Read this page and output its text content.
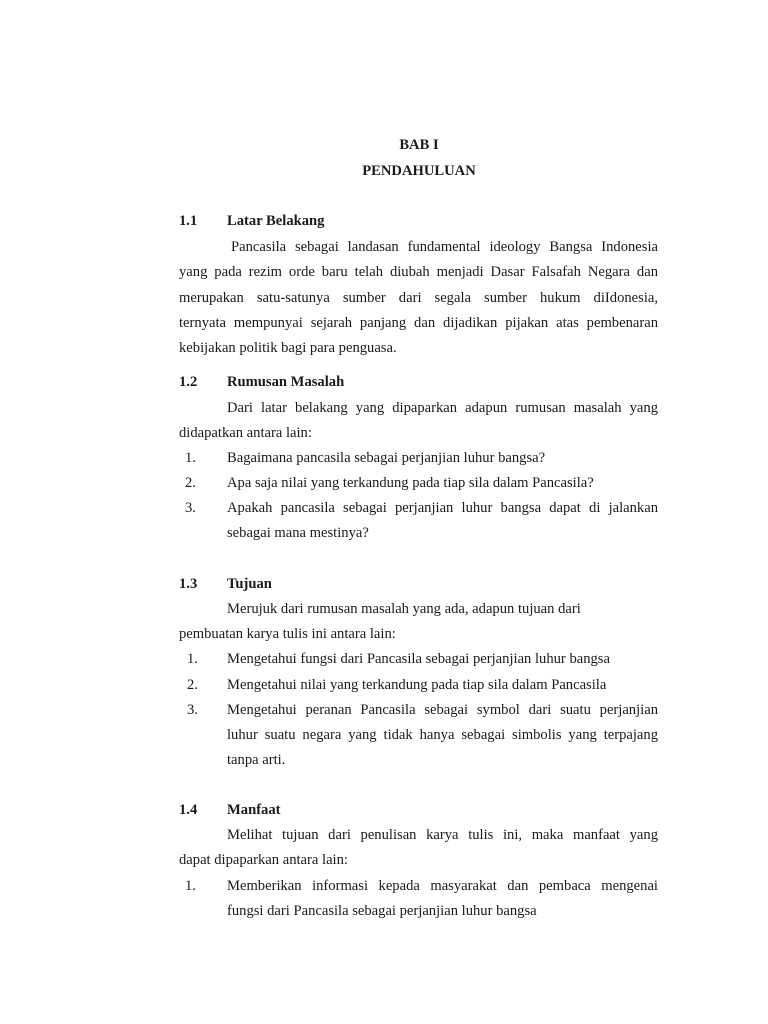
BAB I
PENDAHULUAN
1.1 Latar Belakang
Pancasila sebagai landasan fundamental ideology Bangsa Indonesia
yang pada rezim orde baru telah diubah menjadi Dasar Falsafah Negara dan
merupakan satu-satunya sumber dari segala sumber hukum diIdonesia,
ternyata mempunyai sejarah panjang dan dijadikan pijakan atas pembenaran
kebijakan politik bagi para penguasa.
1.2 Rumusan Masalah
Dari latar belakang yang dipaparkan adapun rumusan masalah yang
didapatkan antara lain:
1. Bagaimana pancasila sebagai perjanjian luhur bangsa?
2. Apa saja nilai yang terkandung pada tiap sila dalam Pancasila?
3. Apakah pancasila sebagai perjanjian luhur bangsa dapat di jalankan
sebagai mana mestinya?
1.3 Tujuan
Merujuk dari rumusan masalah yang ada, adapun tujuan dari
pembuatan karya tulis ini antara lain:
1. Mengetahui fungsi dari Pancasila sebagai perjanjian luhur bangsa
2. Mengetahui nilai yang terkandung pada tiap sila dalam Pancasila
3. Mengetahui peranan Pancasila sebagai symbol dari suatu perjanjian
luhur suatu negara yang tidak hanya sebagai simbolis yang terpajang
tanpa arti.
1.4 Manfaat
Melihat tujuan dari penulisan karya tulis ini, maka manfaat yang
dapat dipaparkan antara lain:
1. Memberikan informasi kepada masyarakat dan pembaca mengenai
fungsi dari Pancasila sebagai perjanjian luhur bangsa
